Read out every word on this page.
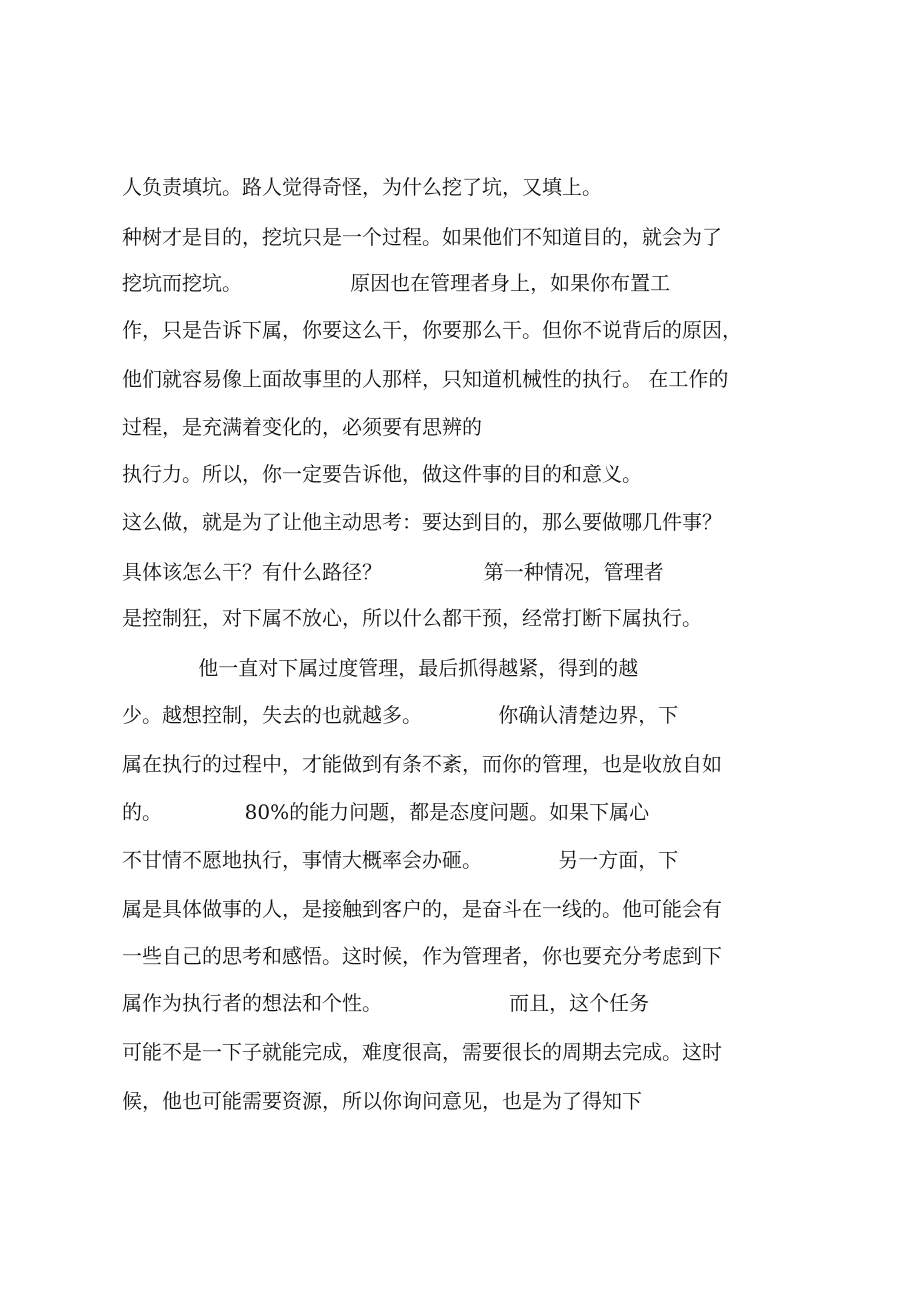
人负责填坑。路人觉得奇怪，为什么挖了坑，又填上。
种树才是目的，挖坑只是一个过程。如果他们不知道目的，就会为了
挖坑而挖坑。                 原因也在管理者身上，如果你布置工
作，只是告诉下属，你要这么干，你要那么干。但你不说背后的原因，
他们就容易像上面故事里的人那样，只知道机械性的执行。 在工作的
过程，是充满着变化的，必须要有思辨的
执行力。所以，你一定要告诉他，做这件事的目的和意义。
这么做，就是为了让他主动思考：要达到目的，那么要做哪几件事？
具体该怎么干？有什么路径？                第一种情况，管理者
是控制狂，对下属不放心，所以什么都干预，经常打断下属执行。
他一直对下属过度管理，最后抓得越紧，得到的越
少。越想控制，失去的也就越多。            你确认清楚边界，下
属在执行的过程中，才能做到有条不紊，而你的管理，也是收放自如
的。             80%的能力问题，都是态度问题。如果下属心
不甘情不愿地执行，事情大概率会办砸。            另一方面，下
属是具体做事的人，是接触到客户的，是奋斗在一线的。他可能会有
一些自己的思考和感悟。这时候，作为管理者，你也要充分考虑到下
属作为执行者的想法和个性。                    而且，这个任务
可能不是一下子就能完成，难度很高，需要很长的周期去完成。这时
候，他也可能需要资源，所以你询问意见，也是为了得知下
